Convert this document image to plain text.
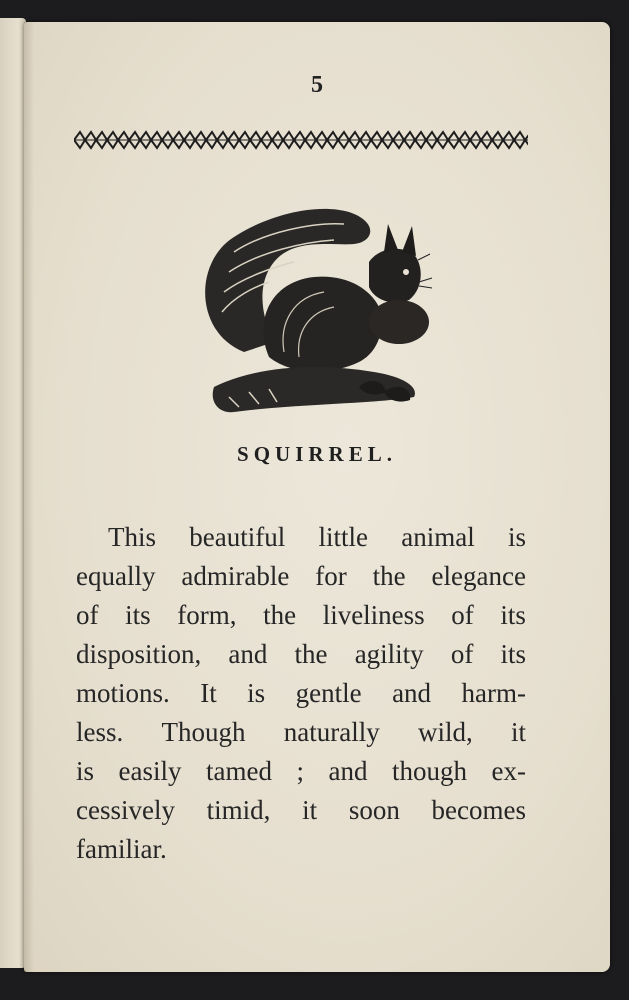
5
SQUIRREL.
This beautiful little animal is
equally admirable for the elegance
of its form, the liveliness of its
disposition, and the agility of its
motions. It is gentle and harm-
less. Though naturally wild, it
is easily tamed ; and though ex-
cessively timid, it soon becomes
familiar.
